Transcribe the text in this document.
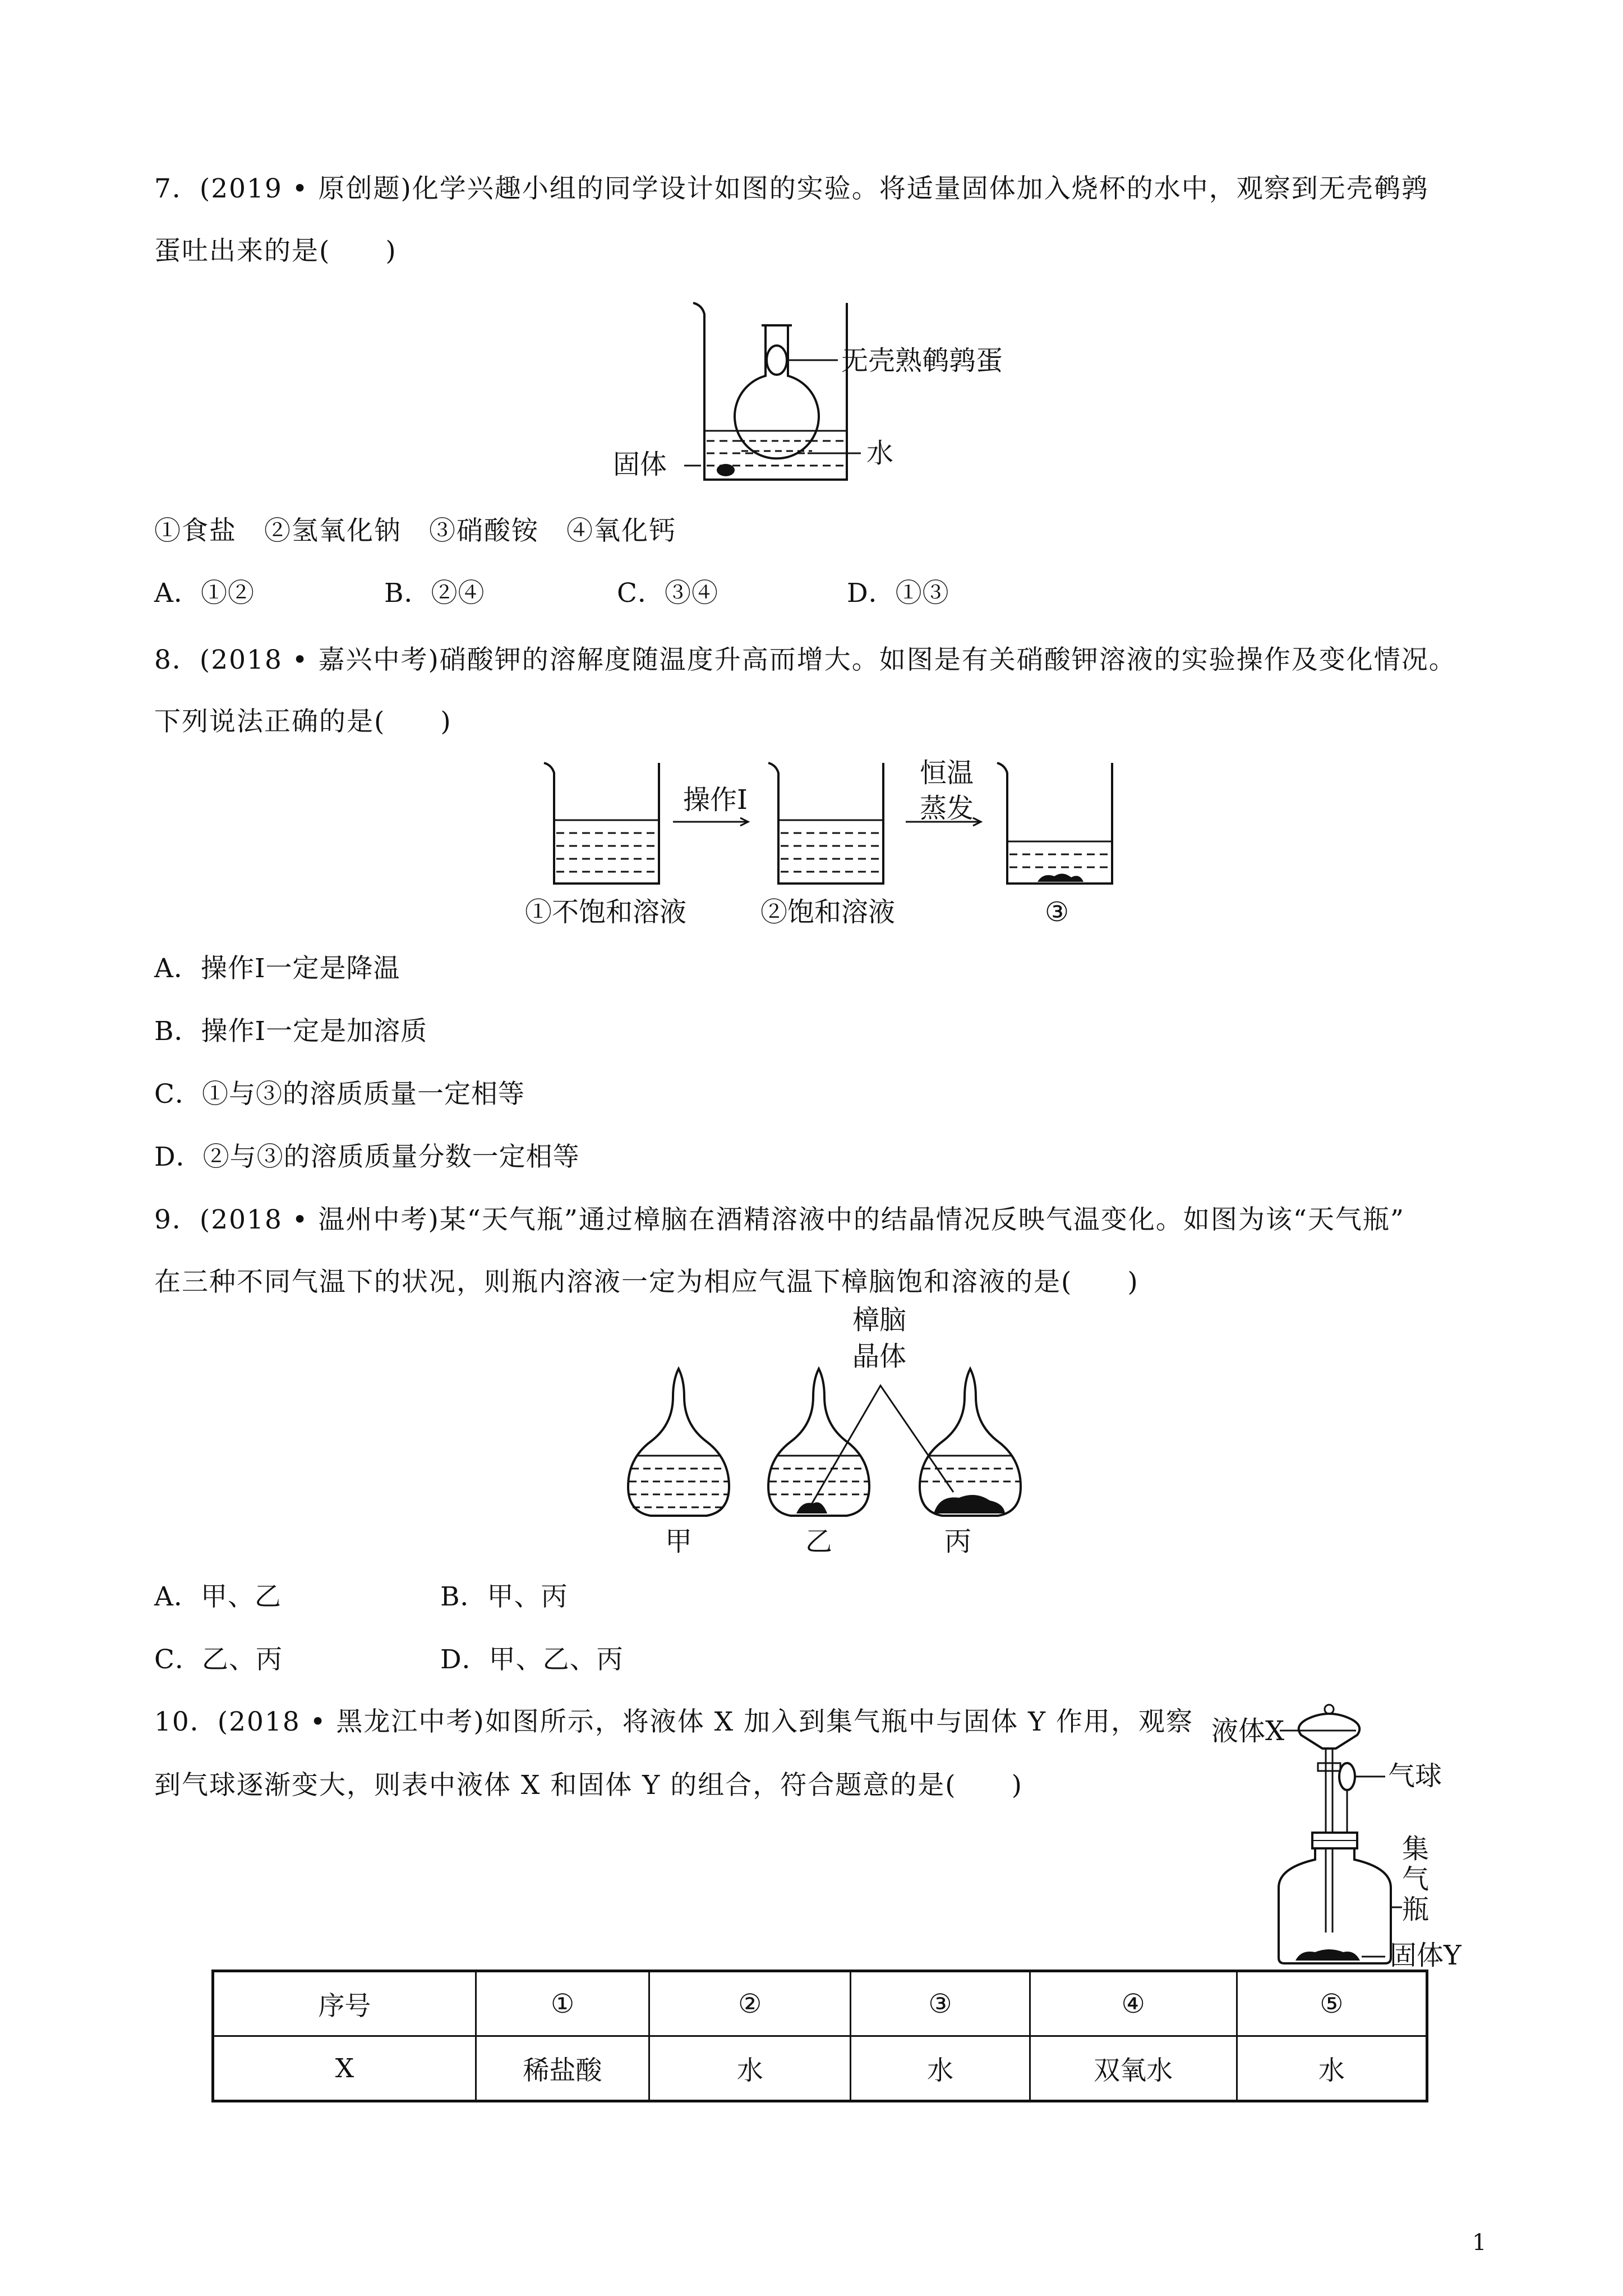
7．(2019 • 原创题)化学兴趣小组的同学设计如图的实验。将适量固体加入烧杯的水中，观察到无壳鹌鹑
蛋吐出来的是(　　)
无壳熟鹌鹑蛋
水
固体
①食盐　②氢氧化钠　③硝酸铵　④氧化钙
A．①②	B．②④	C．③④	D．①③
8．(2018 • 嘉兴中考)硝酸钾的溶解度随温度升高而增大。如图是有关硝酸钾溶液的实验操作及变化情况。
下列说法正确的是(　　)
操作Ⅰ
恒温
蒸发
①不饱和溶液	②饱和溶液	③
A．操作Ⅰ一定是降温
B．操作Ⅰ一定是加溶质
C．①与③的溶质质量一定相等
D．②与③的溶质质量分数一定相等
9．(2018 • 温州中考)某“天气瓶”通过樟脑在酒精溶液中的结晶情况反映气温变化。如图为该“天气瓶”
在三种不同气温下的状况，则瓶内溶液一定为相应气温下樟脑饱和溶液的是(　　)
樟脑
晶体
甲	乙	丙
A．甲、乙	B．甲、丙
C．乙、丙	D．甲、乙、丙
10．(2018 • 黑龙江中考)如图所示，将液体 X 加入到集气瓶中与固体 Y 作用，观察
到气球逐渐变大，则表中液体 X 和固体 Y 的组合，符合题意的是(　　)
液体X
气球
集
气
瓶
固体Y
序号	①	②	③	④	⑤
X	稀盐酸	水	水	双氧水	水
1
